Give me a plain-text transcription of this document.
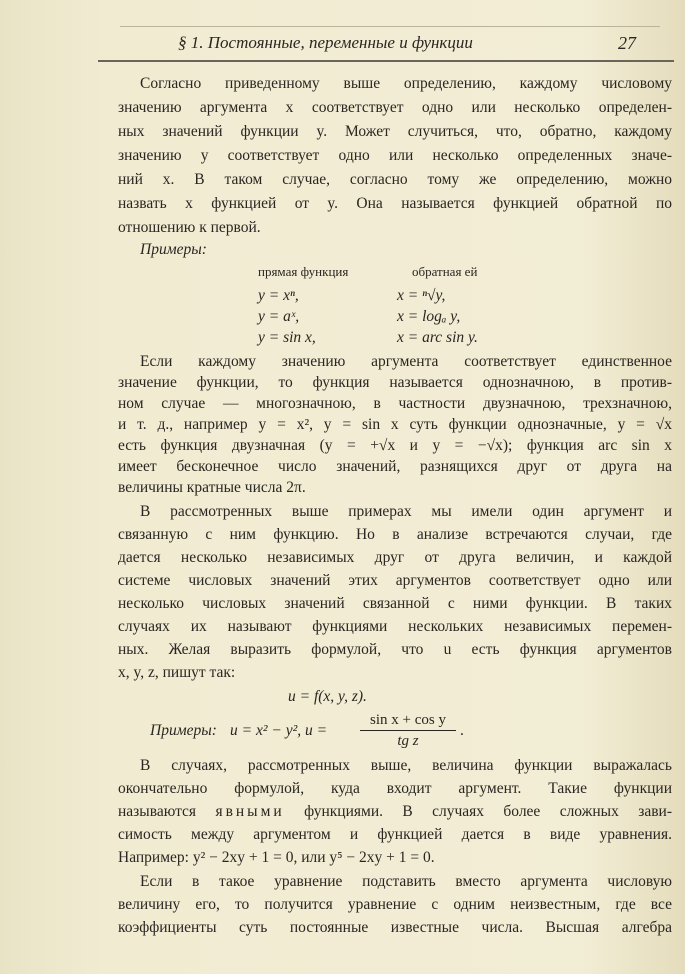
§ 1. Постоянные, переменные и функции	27
Согласно приведенному выше определению, каждому числовому
значению аргумента x соответствует одно или несколько определен-
ных значений функции y. Может случиться, что, обратно, каждому
значению y соответствует одно или несколько определенных значе-
ний x. В таком случае, согласно тому же определению, можно
назвать x функцией от y. Она называется функцией обратной по
отношению к первой.
Примеры:
прямая функция	обратная ей
y = xⁿ,
y = aˣ,
y = sin x,
x = ⁿ√y,
x = logₐ y,
x = arc sin y.
Если каждому значению аргумента соответствует единственное
значение функции, то функция называется однозначною, в против-
ном случае — многозначною, в частности двузначною, трехзначною,
и т. д., например y = x², y = sin x суть функции однозначные, y = √x
есть функция двузначная (y = +√x и y = −√x); функция arc sin x
имеет бесконечное число значений, разнящихся друг от друга на
величины кратные числа 2π.
В рассмотренных выше примерах мы имели один аргумент и
связанную с ним функцию. Но в анализе встречаются случаи, где
дается несколько независимых друг от друга величин, и каждой
системе числовых значений этих аргументов соответствует одно или
несколько числовых значений связанной с ними функции. В таких
случаях их называют функциями нескольких независимых перемен-
ных. Желая выразить формулой, что u есть функция аргументов
x, y, z, пишут так:
u = f(x, y, z).
Примеры: u = x² − y², $u = \frac{\text{sin x + cos y}}{\text{tg z}}$ .
В случаях, рассмотренных выше, величина функции выражалась
окончательно формулой, куда входит аргумент. Такие функции
называются явными функциями. В случаях более сложных зави-
симость между аргументом и функцией дается в виде уравнения.
Например: y² − 2xy + 1 = 0, или y⁵ − 2xy + 1 = 0.
Если в такое уравнение подставить вместо аргумента числовую
величину его, то получится уравнение с одним неизвестным, где все
коэффициенты суть постоянные известные числа. Высшая алгебра
